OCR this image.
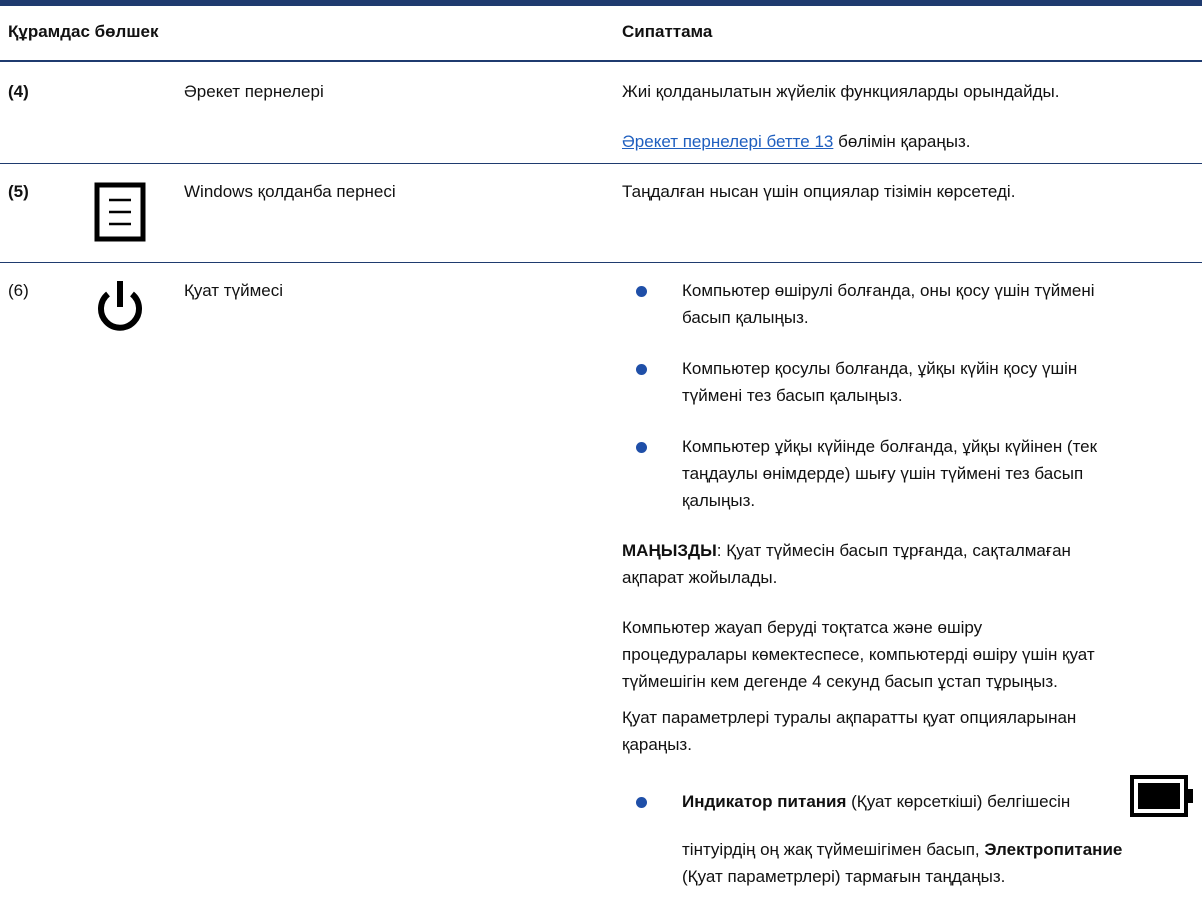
Құрамдас бөлшек	Сипаттама
(4)	Әрекет пернелері	Жиі қолданылатын жүйелік функцияларды орындайды.
Әрекет пернелері бетте 13 бөлімін қараңыз.
(5)	Windows қолданба пернесі	Таңдалған нысан үшін опциялар тізімін көрсетеді.
(6)	Қуат түймесі	Компьютер өшірулі болғанда, оны қосу үшін түймені
басып қалыңыз.
Компьютер қосулы болғанда, ұйқы күйін қосу үшін
түймені тез басып қалыңыз.
Компьютер ұйқы күйінде болғанда, ұйқы күйінен (тек
таңдаулы өнімдерде) шығу үшін түймені тез басып
қалыңыз.
МАҢЫЗДЫ: Қуат түймесін басып тұрғанда, сақталмаған
ақпарат жойылады.
Компьютер жауап беруді тоқтатса және өшіру
процедуралары көмектеспесе, компьютерді өшіру үшін қуат
түймешігін кем дегенде 4 секунд басып ұстап тұрыңыз.
Қуат параметрлері туралы ақпаратты қуат опцияларынан
қараңыз.
Индикатор питания (Қуат көрсеткіші) белгішесін
тінтуірдің оң жақ түймешігімен басып, Электропитание
(Қуат параметрлері) тармағын таңдаңыз.
